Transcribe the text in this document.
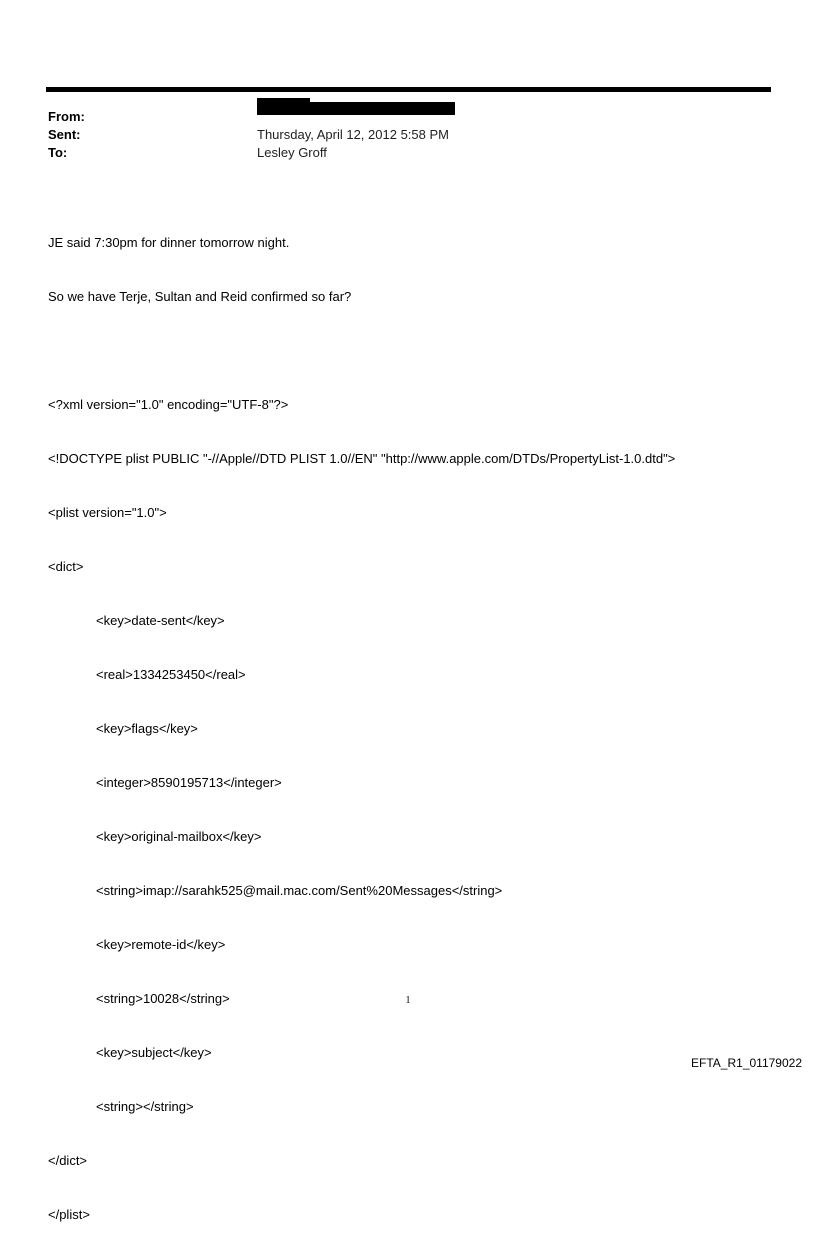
From:
Sent:	Thursday, April 12, 2012 5:58 PM
To:	Lesley Groff

JE said 7:30pm for dinner tomorrow night.

So we have Terje, Sultan and Reid confirmed so far?

<?xml version="1.0" encoding="UTF-8"?>

<!DOCTYPE plist PUBLIC "-//Apple//DTD PLIST 1.0//EN" "http://www.apple.com/DTDs/PropertyList-1.0.dtd">

<plist version="1.0">

<dict>

<key>date-sent</key>

<real>1334253450</real>

<key>flags</key>

<integer>8590195713</integer>

<key>original-mailbox</key>

<string>imap://sarahk525@mail.mac.com/Sent%20Messages</string>

<key>remote-id</key>

<string>10028</string>

<key>subject</key>

<string></string>

</dict>

</plist>

1
EFTA_R1_01179022
